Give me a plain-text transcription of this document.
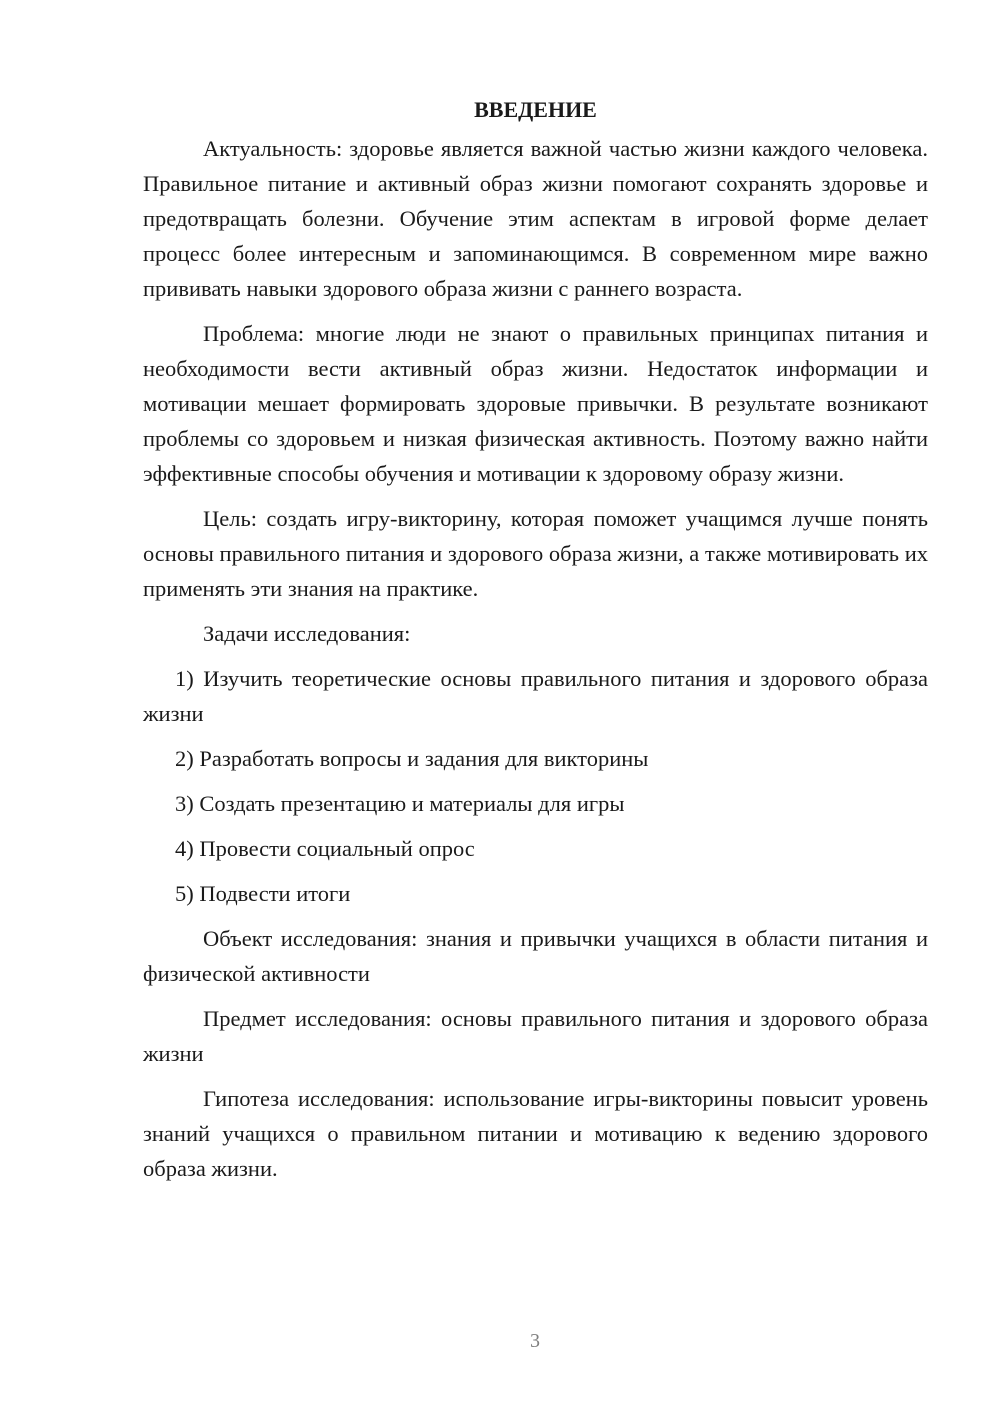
ВВЕДЕНИЕ

Актуальность: здоровье является важной частью жизни каждого человека. Правильное питание и активный образ жизни помогают сохранять здоровье и предотвращать болезни. Обучение этим аспектам в игровой форме делает процесс более интересным и запоминающимся. В современном мире важно прививать навыки здорового образа жизни с раннего возраста.

Проблема: многие люди не знают о правильных принципах питания и необходимости вести активный образ жизни. Недостаток информации и мотивации мешает формировать здоровые привычки. В результате возникают проблемы со здоровьем и низкая физическая активность. Поэтому важно найти эффективные способы обучения и мотивации к здоровому образу жизни.

Цель: создать игру-викторину, которая поможет учащимся лучше понять основы правильного питания и здорового образа жизни, а также мотивировать их применять эти знания на практике.

Задачи исследования:

1) Изучить теоретические основы правильного питания и здорового образа жизни

2) Разработать вопросы и задания для викторины

3) Создать презентацию и материалы для игры

4) Провести социальный опрос

5) Подвести итоги

Объект исследования: знания и привычки учащихся в области питания и физической активности

Предмет исследования: основы правильного питания и здорового образа жизни

Гипотеза исследования: использование игры-викторины повысит уровень знаний учащихся о правильном питании и мотивацию к ведению здорового образа жизни.

3
